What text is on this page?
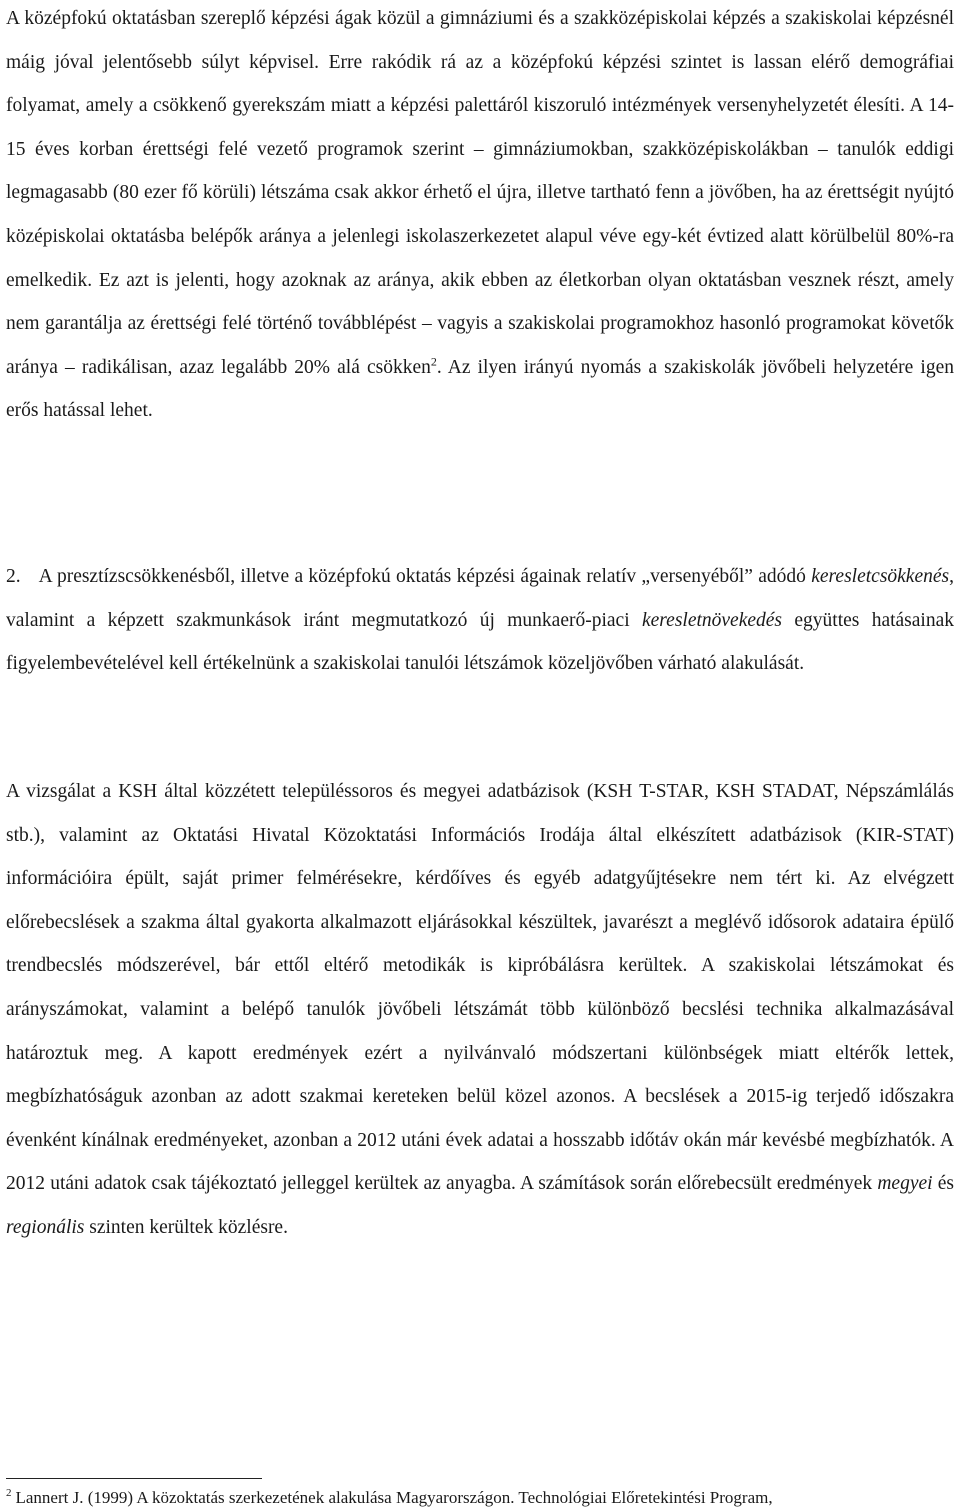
A középfokú oktatásban szereplő képzési ágak közül a gimnáziumi és a szakközépiskolai képzés a szakiskolai képzésnél máig jóval jelentősebb súlyt képvisel. Erre rakódik rá az a középfokú képzési szintet is lassan elérő demográfiai folyamat, amely a csökkenő gyerekszám miatt a képzési palettáról kiszoruló intézmények versenyhelyzetét élesíti. A 14-15 éves korban érettségi felé vezető programok szerint – gimnáziumokban, szakközépiskolákban – tanulók eddigi legmagasabb (80 ezer fő körüli) létszáma csak akkor érhető el újra, illetve tartható fenn a jövőben, ha az érettségit nyújtó középiskolai oktatásba belépők aránya a jelenlegi iskolaszerkezetet alapul véve egy-két évtized alatt körülbelül 80%-ra emelkedik. Ez azt is jelenti, hogy azoknak az aránya, akik ebben az életkorban olyan oktatásban vesznek részt, amely nem garantálja az érettségi felé történő továbblépést – vagyis a szakiskolai programokhoz hasonló programokat követők aránya – radikálisan, azaz legalább 20% alá csökken$^2$. Az ilyen irányú nyomás a szakiskolák jövőbeli helyzetére igen erős hatással lehet.

2. A presztízscsökkenésből, illetve a középfokú oktatás képzési ágainak relatív „versenyéből” adódó keresletcsökkenés, valamint a képzett szakmunkások iránt megmutatkozó új munkaerő-piaci keresletnövekedés együttes hatásainak figyelembevételével kell értékelnünk a szakiskolai tanulói létszámok közeljövőben várható alakulását.

A vizsgálat a KSH által közzétett településsoros és megyei adatbázisok (KSH T-STAR, KSH STADAT, Népszámlálás stb.), valamint az Oktatási Hivatal Közoktatási Információs Irodája által elkészített adatbázisok (KIR-STAT) információira épült, saját primer felmérésekre, kérdőíves és egyéb adatgyűjtésekre nem tért ki. Az elvégzett előrebecslések a szakma által gyakorta alkalmazott eljárásokkal készültek, javarészt a meglévő idősorok adataira épülő trendbecslés módszerével, bár ettől eltérő metodikák is kipróbálásra kerültek. A szakiskolai létszámokat és arányszámokat, valamint a belépő tanulók jövőbeli létszámát több különböző becslési technika alkalmazásával határoztuk meg. A kapott eredmények ezért a nyilvánvaló módszertani különbségek miatt eltérők lettek, megbízhatóságuk azonban az adott szakmai kereteken belül közel azonos. A becslések a 2015-ig terjedő időszakra évenként kínálnak eredményeket, azonban a 2012 utáni évek adatai a hosszabb időtáv okán már kevésbé megbízhatók. A 2012 utáni adatok csak tájékoztató jelleggel kerültek az anyagba. A számítások során előrebecsült eredmények megyei és regionális szinten kerültek közlésre.

$^2$ Lannert J. (1999) A közoktatás szerkezetének alakulása Magyarországon. Technológiai Előretekintési Program,
